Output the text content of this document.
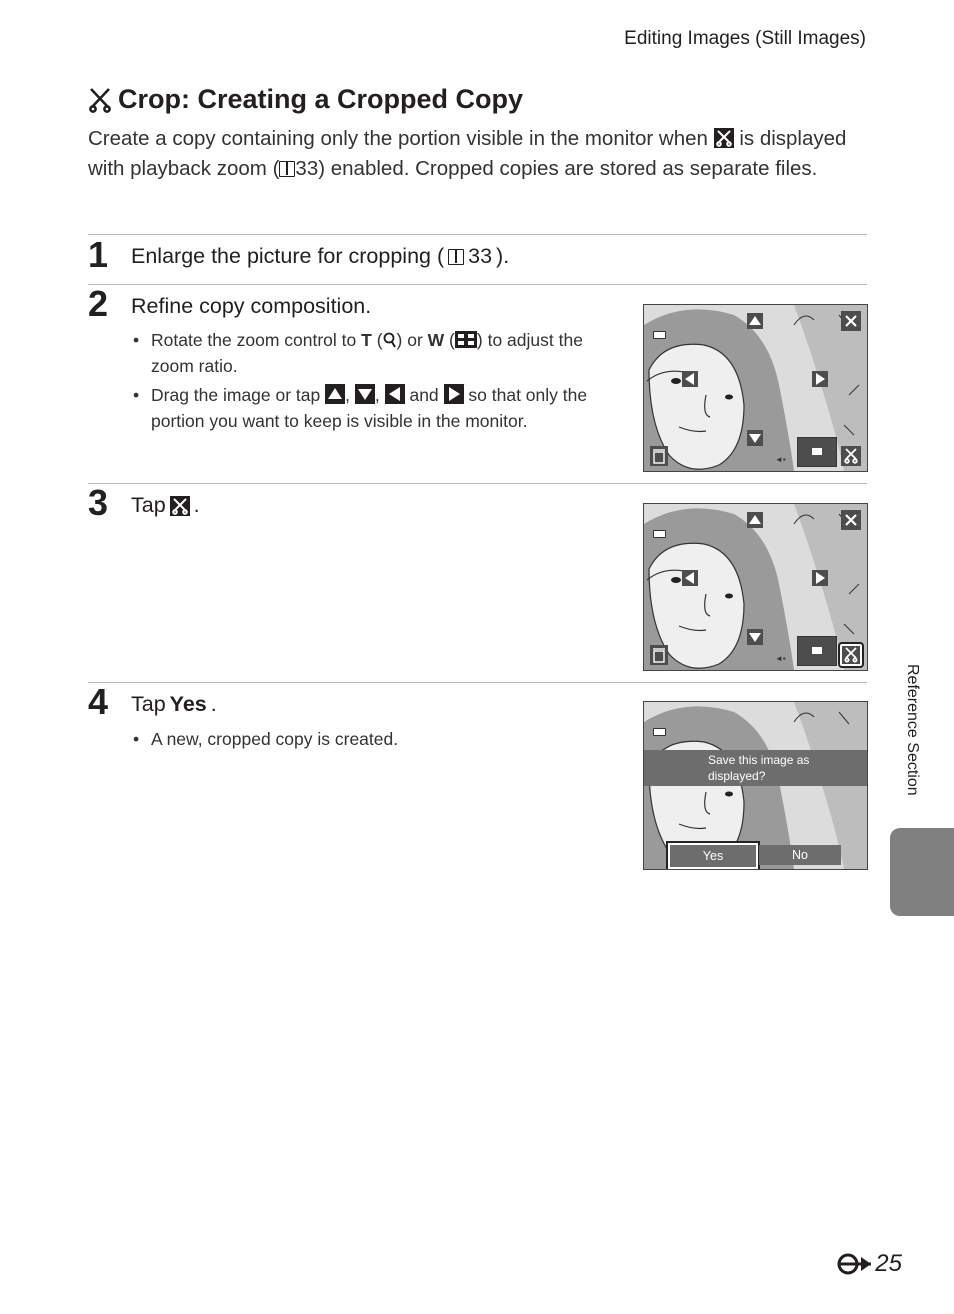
Editing Images (Still Images)
Crop: Creating a Cropped Copy
Create a copy containing only the portion visible in the monitor when
is displayed with playback zoom ( 33) enabled. Cropped copies are stored as separate files.
1 Enlarge the picture for cropping ( 33 ).
2 Refine copy composition.
• Rotate the zoom control to T ( ) or W ( ) to adjust the zoom ratio.
• Drag the image or tap
,
,
and
so that only the portion you want to keep is visible in the monitor.
◄▪
3 Tap .
◄▪
4 Tap Yes .
• A new, cropped copy is created.
Save this image as displayed?
Yes	No
Reference Section
25
